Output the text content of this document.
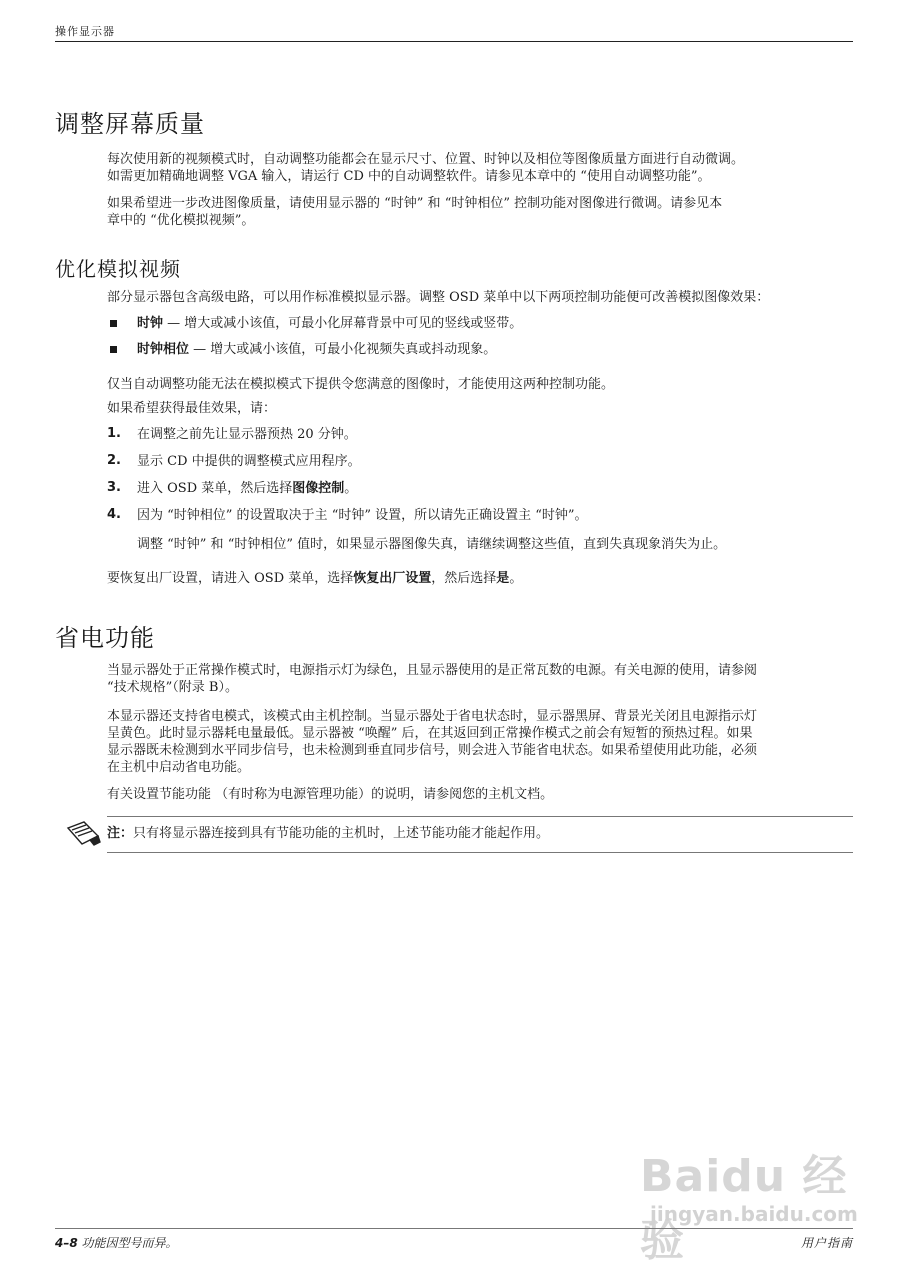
操作显示器
调整屏幕质量

每次使用新的视频模式时，自动调整功能都会在显示尺寸、位置、时钟以及相位等图像质量方面进行自动微调。
如需更加精确地调整 VGA 输入，请运行 CD 中的自动调整软件。请参见本章中的 “使用自动调整功能”。

如果希望进一步改进图像质量，请使用显示器的 “时钟” 和 “时钟相位” 控制功能对图像进行微调。请参见本
章中的 “优化模拟视频”。

优化模拟视频

部分显示器包含高级电路，可以用作标准模拟显示器。调整 OSD 菜单中以下两项控制功能便可改善模拟图像效果：

时钟 — 增大或减小该值，可最小化屏幕背景中可见的竖线或竖带。
时钟相位 — 增大或减小该值，可最小化视频失真或抖动现象。

仅当自动调整功能无法在模拟模式下提供令您满意的图像时，才能使用这两种控制功能。

如果希望获得最佳效果，请：

1. 在调整之前先让显示器预热 20 分钟。
2. 显示 CD 中提供的调整模式应用程序。
3. 进入 OSD 菜单，然后选择图像控制。
4. 因为 “时钟相位” 的设置取决于主 “时钟” 设置，所以请先正确设置主 “时钟”。
调整 “时钟” 和 “时钟相位” 值时，如果显示器图像失真，请继续调整这些值，直到失真现象消失为止。

要恢复出厂设置，请进入 OSD 菜单，选择恢复出厂设置，然后选择是。

省电功能

当显示器处于正常操作模式时，电源指示灯为绿色，且显示器使用的是正常瓦数的电源。有关电源的使用，请参阅
“技术规格”（附录 B）。

本显示器还支持省电模式，该模式由主机控制。当显示器处于省电状态时，显示器黑屏、背景光关闭且电源指示灯
呈黄色。此时显示器耗电量最低。显示器被 “唤醒” 后，在其返回到正常操作模式之前会有短暂的预热过程。如果
显示器既未检测到水平同步信号，也未检测到垂直同步信号，则会进入节能省电状态。如果希望使用此功能，必须
在主机中启动省电功能。

有关设置节能功能 （有时称为电源管理功能）的说明，请参阅您的主机文档。

注：只有将显示器连接到具有节能功能的主机时，上述节能功能才能起作用。
Baidu 经验
jingyan.baidu.com
4–8 功能因型号而异。	用户指南
